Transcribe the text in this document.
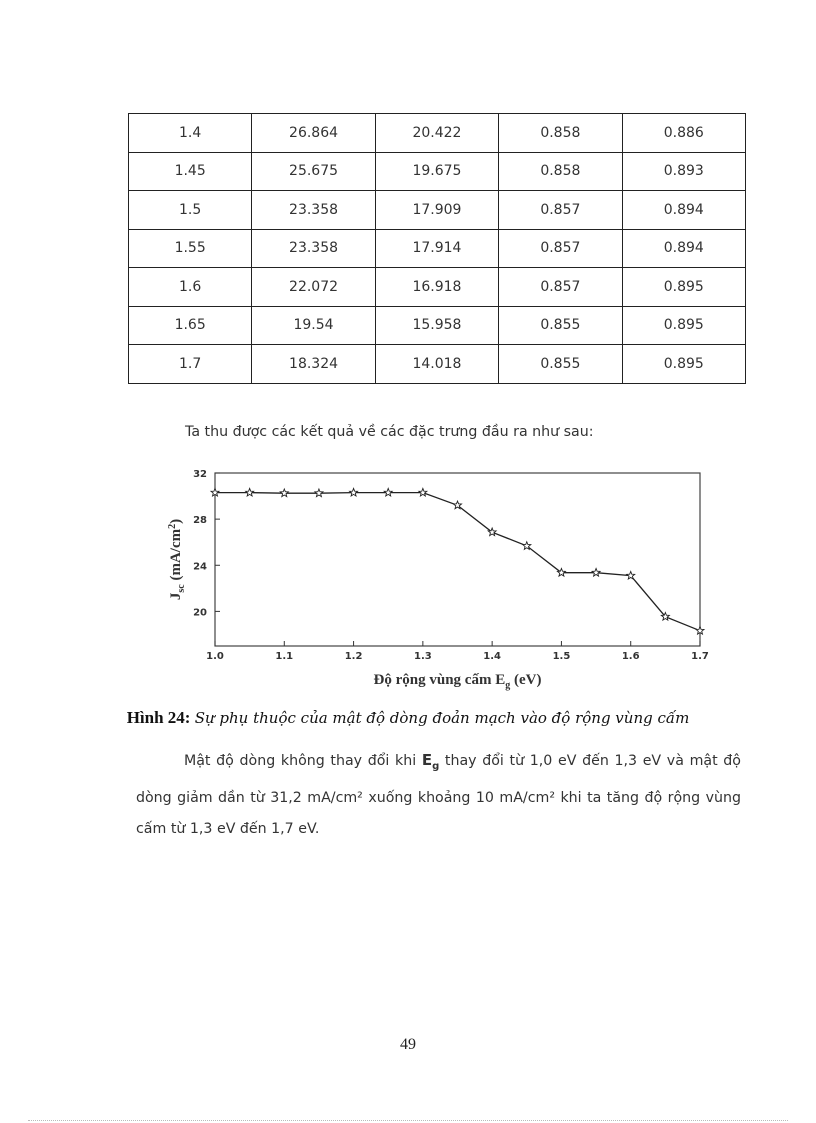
1.4	26.864	20.422	0.858	0.886
1.45	25.675	19.675	0.858	0.893
1.5	23.358	17.909	0.857	0.894
1.55	23.358	17.914	0.857	0.894
1.6	22.072	16.918	0.857	0.895
1.65	19.54	15.958	0.855	0.895
1.7	18.324	14.018	0.855	0.895
Ta thu được các kết quả về các đặc trưng đầu ra như sau:
20
24
28
32
1.0	1.1	1.2	1.3	1.4	1.5	1.6	1.7
$J_{sc}$ $(mA/cm^2)$
Độ rộng vùng cấm $E_g$ (eV)
Hình 24: Sự phụ thuộc của mật độ dòng đoản mạch vào độ rộng vùng cấm
Mật độ dòng không thay đổi khi $E_g$ thay đổi từ 1,0 eV đến 1,3 eV và mật độ dòng giảm dần từ 31,2 mA/cm² xuống khoảng 10 mA/cm² khi ta tăng độ rộng vùng cấm từ 1,3 eV đến 1,7 eV.
49
